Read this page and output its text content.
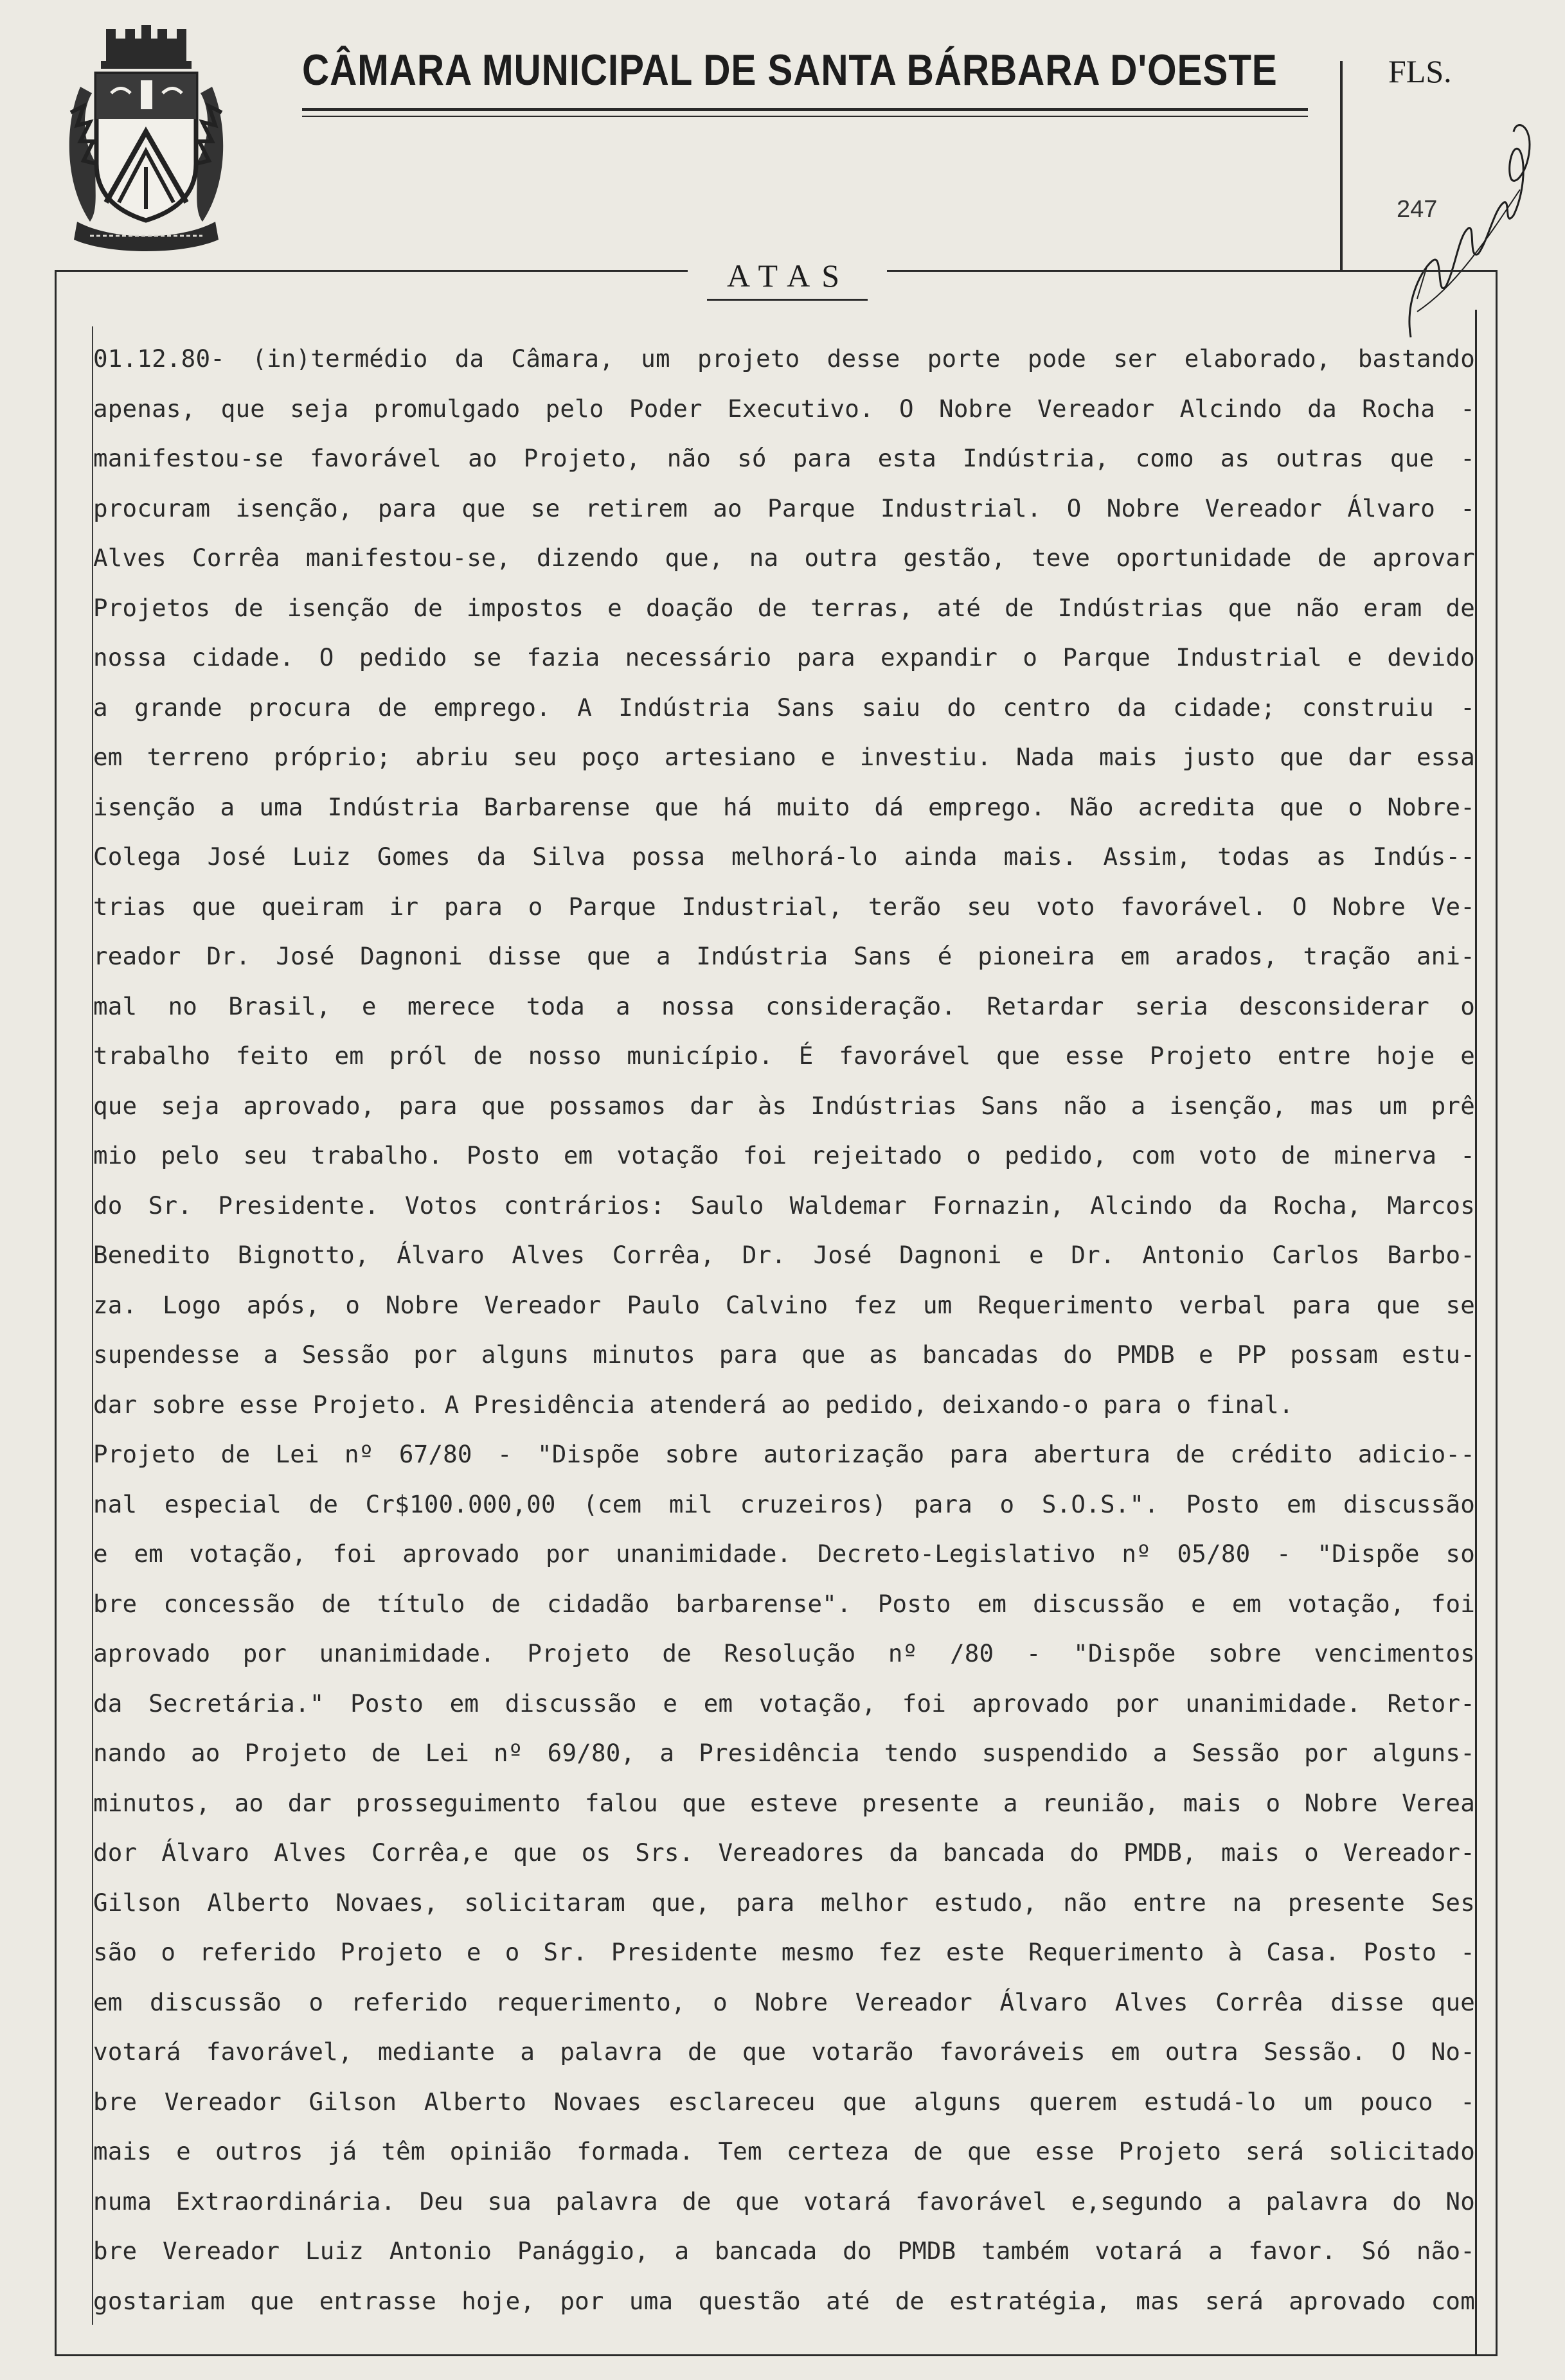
CÂMARA MUNICIPAL DE SANTA BÁRBARA D'OESTE	FLS.
247
ATAS
01.12.80- (in)termédio da Câmara, um projeto desse porte pode ser elaborado, bastando
apenas, que seja promulgado pelo Poder Executivo. O Nobre Vereador Alcindo da Rocha -
manifestou-se favorável ao Projeto, não só para esta Indústria, como as outras que -
procuram isenção, para que se retirem ao Parque Industrial. O Nobre Vereador Álvaro -
Alves Corrêa manifestou-se, dizendo que, na outra gestão, teve oportunidade de aprovar
Projetos de isenção de impostos e doação de terras, até de Indústrias que não eram de
nossa cidade. O pedido se fazia necessário para expandir o Parque Industrial e devido
a grande procura de emprego. A Indústria Sans saiu do centro da cidade; construiu -
em terreno próprio; abriu seu poço artesiano e investiu. Nada mais justo que dar essa
isenção a uma Indústria Barbarense que há muito dá emprego. Não acredita que o Nobre-
Colega José Luiz Gomes da Silva possa melhorá-lo ainda mais. Assim, todas as Indús--
trias que queiram ir para o Parque Industrial, terão seu voto favorável. O Nobre Ve-
reador Dr. José Dagnoni disse que a Indústria Sans é pioneira em arados, tração ani-
mal no Brasil, e merece toda a nossa consideração. Retardar seria desconsiderar o
trabalho feito em pról de nosso município. É favorável que esse Projeto entre hoje e
que seja aprovado, para que possamos dar às Indústrias Sans não a isenção, mas um prê
mio pelo seu trabalho. Posto em votação foi rejeitado o pedido, com voto de minerva -
do Sr. Presidente. Votos contrários: Saulo Waldemar Fornazin, Alcindo da Rocha, Marcos
Benedito Bignotto, Álvaro Alves Corrêa, Dr. José Dagnoni e Dr. Antonio Carlos Barbo-
za. Logo após, o Nobre Vereador Paulo Calvino fez um Requerimento verbal para que se
supendesse a Sessão por alguns minutos para que as bancadas do PMDB e PP possam estu-
dar sobre esse Projeto. A Presidência atenderá ao pedido, deixando-o para o final.
Projeto de Lei nº 67/80 - "Dispõe sobre autorização para abertura de crédito adicio--
nal especial de Cr$100.000,00 (cem mil cruzeiros) para o S.O.S.". Posto em discussão
e em votação, foi aprovado por unanimidade. Decreto-Legislativo nº 05/80 - "Dispõe so
bre concessão de título de cidadão barbarense". Posto em discussão e em votação, foi
aprovado por unanimidade. Projeto de Resolução nº /80 - "Dispõe sobre vencimentos
da Secretária." Posto em discussão e em votação, foi aprovado por unanimidade. Retor-
nando ao Projeto de Lei nº 69/80, a Presidência tendo suspendido a Sessão por alguns-
minutos, ao dar prosseguimento falou que esteve presente a reunião, mais o Nobre Verea
dor Álvaro Alves Corrêa,e que os Srs. Vereadores da bancada do PMDB, mais o Vereador-
Gilson Alberto Novaes, solicitaram que, para melhor estudo, não entre na presente Ses
são o referido Projeto e o Sr. Presidente mesmo fez este Requerimento à Casa. Posto -
em discussão o referido requerimento, o Nobre Vereador Álvaro Alves Corrêa disse que
votará favorável, mediante a palavra de que votarão favoráveis em outra Sessão. O No-
bre Vereador Gilson Alberto Novaes esclareceu que alguns querem estudá-lo um pouco -
mais e outros já têm opinião formada. Tem certeza de que esse Projeto será solicitado
numa Extraordinária. Deu sua palavra de que votará favorável e,segundo a palavra do No
bre Vereador Luiz Antonio Panággio, a bancada do PMDB também votará a favor. Só não-
gostariam que entrasse hoje, por uma questão até de estratégia, mas será aprovado com
